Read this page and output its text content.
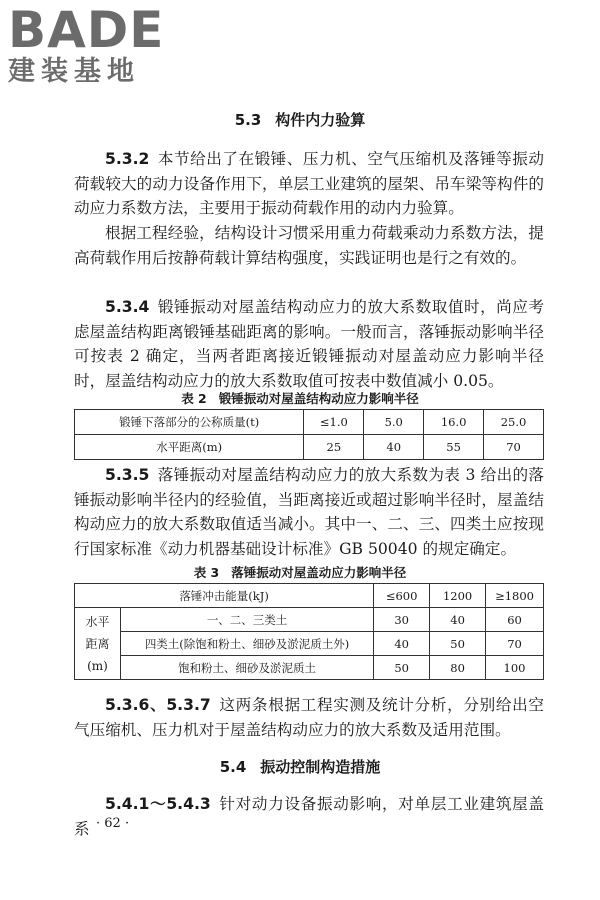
BADE
建装基地
5.3 构件内力验算
5.3.2 本节给出了在锻锤、压力机、空气压缩机及落锤等振动荷载较大的动力设备作用下，单层工业建筑的屋架、吊车梁等构件的动应力系数方法，主要用于振动荷载作用的动内力验算。
根据工程经验，结构设计习惯采用重力荷载乘动力系数方法，提高荷载作用后按静荷载计算结构强度，实践证明也是行之有效的。
5.3.4 锻锤振动对屋盖结构动应力的放大系数取值时，尚应考虑屋盖结构距离锻锤基础距离的影响。一般而言，落锤振动影响半径可按表 2 确定，当两者距离接近锻锤振动对屋盖动应力影响半径时，屋盖结构动应力的放大系数取值可按表中数值减小 0.05。
表 2 锻锤振动对屋盖结构动应力影响半径
锻锤下落部分的公称质量(t)	≤1.0	5.0	16.0	25.0
水平距离(m)	25	40	55	70
5.3.5 落锤振动对屋盖结构动应力的放大系数为表 3 给出的落锤振动影响半径内的经验值，当距离接近或超过影响半径时，屋盖结构动应力的放大系数取值适当减小。其中一、二、三、四类土应按现行国家标准《动力机器基础设计标准》GB 50040 的规定确定。
表 3 落锤振动对屋盖动应力影响半径
落锤冲击能量(kJ)		≤600	1200	≥1800

水平
距离
(m)	一、二、三类土	30	40	60
	四类土(除饱和粉土、细砂及淤泥质土外)	40	50	70
	饱和粉土、细砂及淤泥质土	50	80	100
5.3.6、5.3.7 这两条根据工程实测及统计分析，分别给出空气压缩机、压力机对于屋盖结构动应力的放大系数及适用范围。
5.4 振动控制构造措施
5.4.1～5.4.3 针对动力设备振动影响，对单层工业建筑屋盖系 · 62 ·
